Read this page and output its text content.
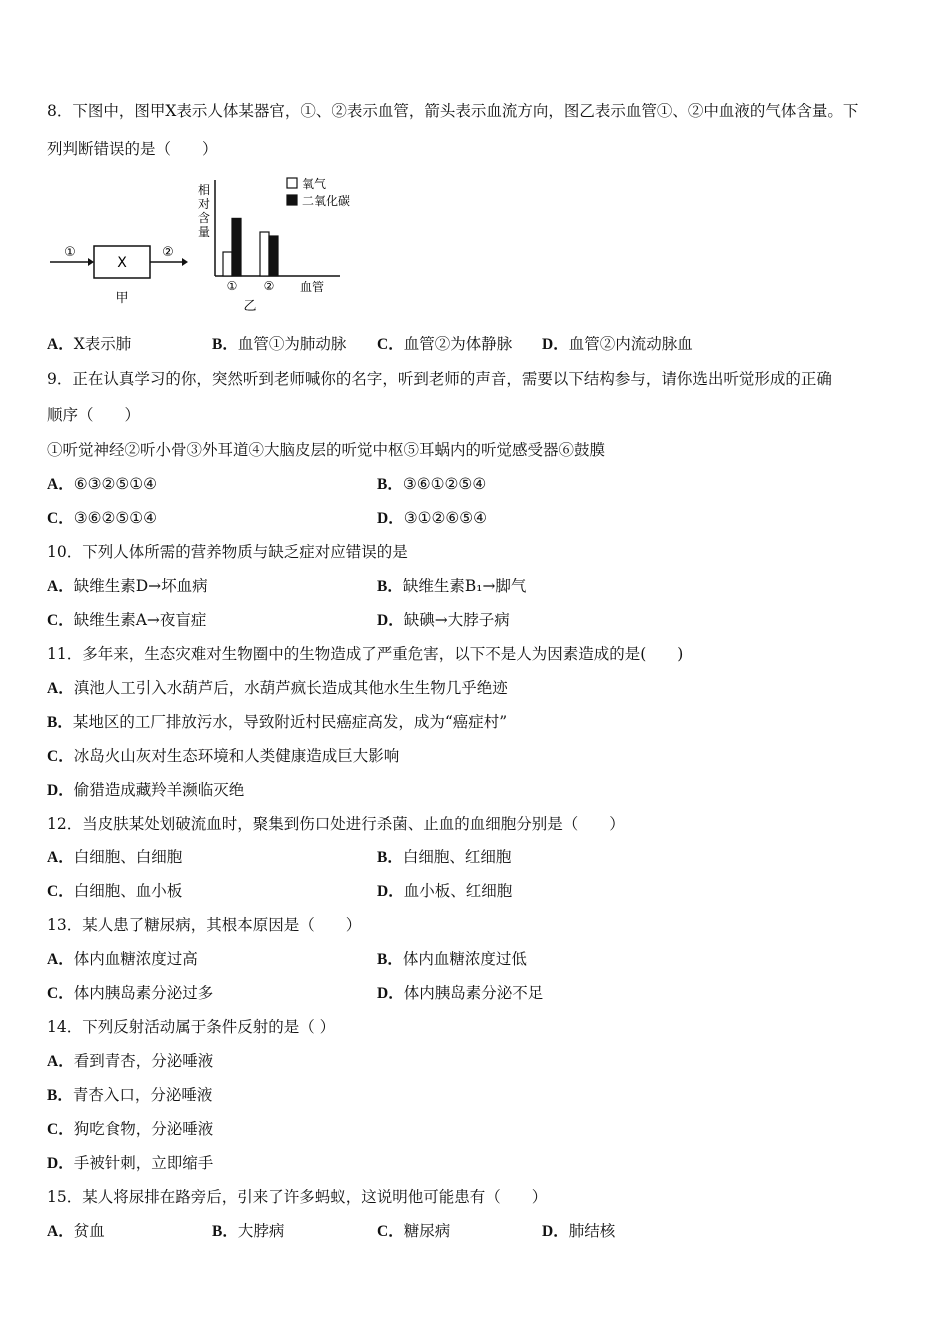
8．下图中，图甲Ⅹ表示人体某器官，①、②表示血管，箭头表示血流方向，图乙表示血管①、②中血液的气体含量。下
列判断错误的是（　　）
①
X
②
甲
相
对
含
量
氧气
二氧化碳
① ② 血管
乙
A．Ⅹ表示肺	B．血管①为肺动脉 C．血管②为体静脉 D．血管②内流动脉血
9．正在认真学习的你，突然听到老师喊你的名字，听到老师的声音，需要以下结构参与，请你选出听觉形成的正确
顺序（　　）
①听觉神经②听小骨③外耳道④大脑皮层的听觉中枢⑤耳蜗内的听觉感受器⑥鼓膜
A．⑥③②⑤①④	B．③⑥①②⑤④
C．③⑥②⑤①④	D．③①②⑥⑤④
10．下列人体所需的营养物质与缺乏症对应错误的是
A．缺维生素D→坏血病	B．缺维生素B₁→脚气
C．缺维生素A→夜盲症	D．缺碘→大脖子病
11．多年来，生态灾难对生物圈中的生物造成了严重危害，以下不是人为因素造成的是(　　)
A．滇池人工引入水葫芦后，水葫芦疯长造成其他水生生物几乎绝迹
B．某地区的工厂排放污水，导致附近村民癌症高发，成为“癌症村”
C．冰岛火山灰对生态环境和人类健康造成巨大影响
D．偷猎造成藏羚羊濒临灭绝
12．当皮肤某处划破流血时，聚集到伤口处进行杀菌、止血的血细胞分别是（　　）
A．白细胞、白细胞	B．白细胞、红细胞
C．白细胞、血小板	D．血小板、红细胞
13．某人患了糖尿病，其根本原因是（　　）
A．体内血糖浓度过高	B．体内血糖浓度过低
C．体内胰岛素分泌过多	D．体内胰岛素分泌不足
14．下列反射活动属于条件反射的是（ ）
A．看到青杏，分泌唾液
B．青杏入口，分泌唾液
C．狗吃食物，分泌唾液
D．手被针刺，立即缩手
15．某人将尿排在路旁后，引来了许多蚂蚁，这说明他可能患有（　　）
A．贫血	B．大脖病	C．糖尿病	D．肺结核
